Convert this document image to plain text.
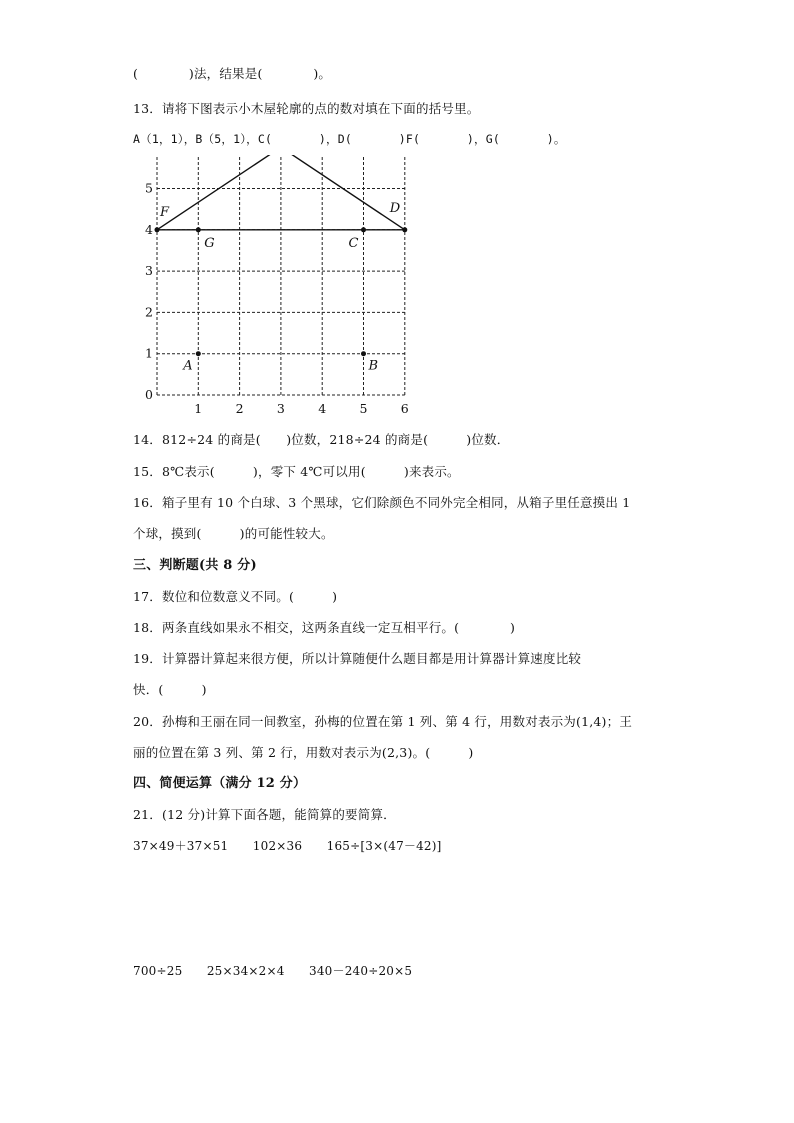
(　　　　)法，结果是(　　　　)。
13．请将下图表示小木屋轮廓的点的数对填在下面的括号里。
A（1，1），B（5，1），C(　　　　)，D(　　　　)F(　　　　)，G(　　　　)。
A	B
C
D
F
G
0
1	2	3	4	5	6
1
2
3
4
5
14．812÷24 的商是(　　)位数，218÷24 的商是(　　　)位数．
15．8℃表示(　　　)，零下 4℃可以用(　　　)来表示。
16．箱子里有 10 个白球、3 个黑球，它们除颜色不同外完全相同，从箱子里任意摸出 1
个球，摸到(　　　)的可能性较大。
三、判断题(共 8 分)
17．数位和位数意义不同。(　　　)
18．两条直线如果永不相交，这两条直线一定互相平行。(　　　　)
19．计算器计算起来很方便，所以计算随便什么题目都是用计算器计算速度比较
快．(　　　)
20．孙梅和王丽在同一间教室，孙梅的位置在第 1 列、第 4 行，用数对表示为(1,4)；王
丽的位置在第 3 列、第 2 行，用数对表示为(2,3)。(　　　)
四、简便运算（满分 12 分）
21．(12 分)计算下面各题，能简算的要简算．
37×49＋37×51　　102×36　　165÷[3×(47－42)]
700÷25　　25×34×2×4　　340－240÷20×5
